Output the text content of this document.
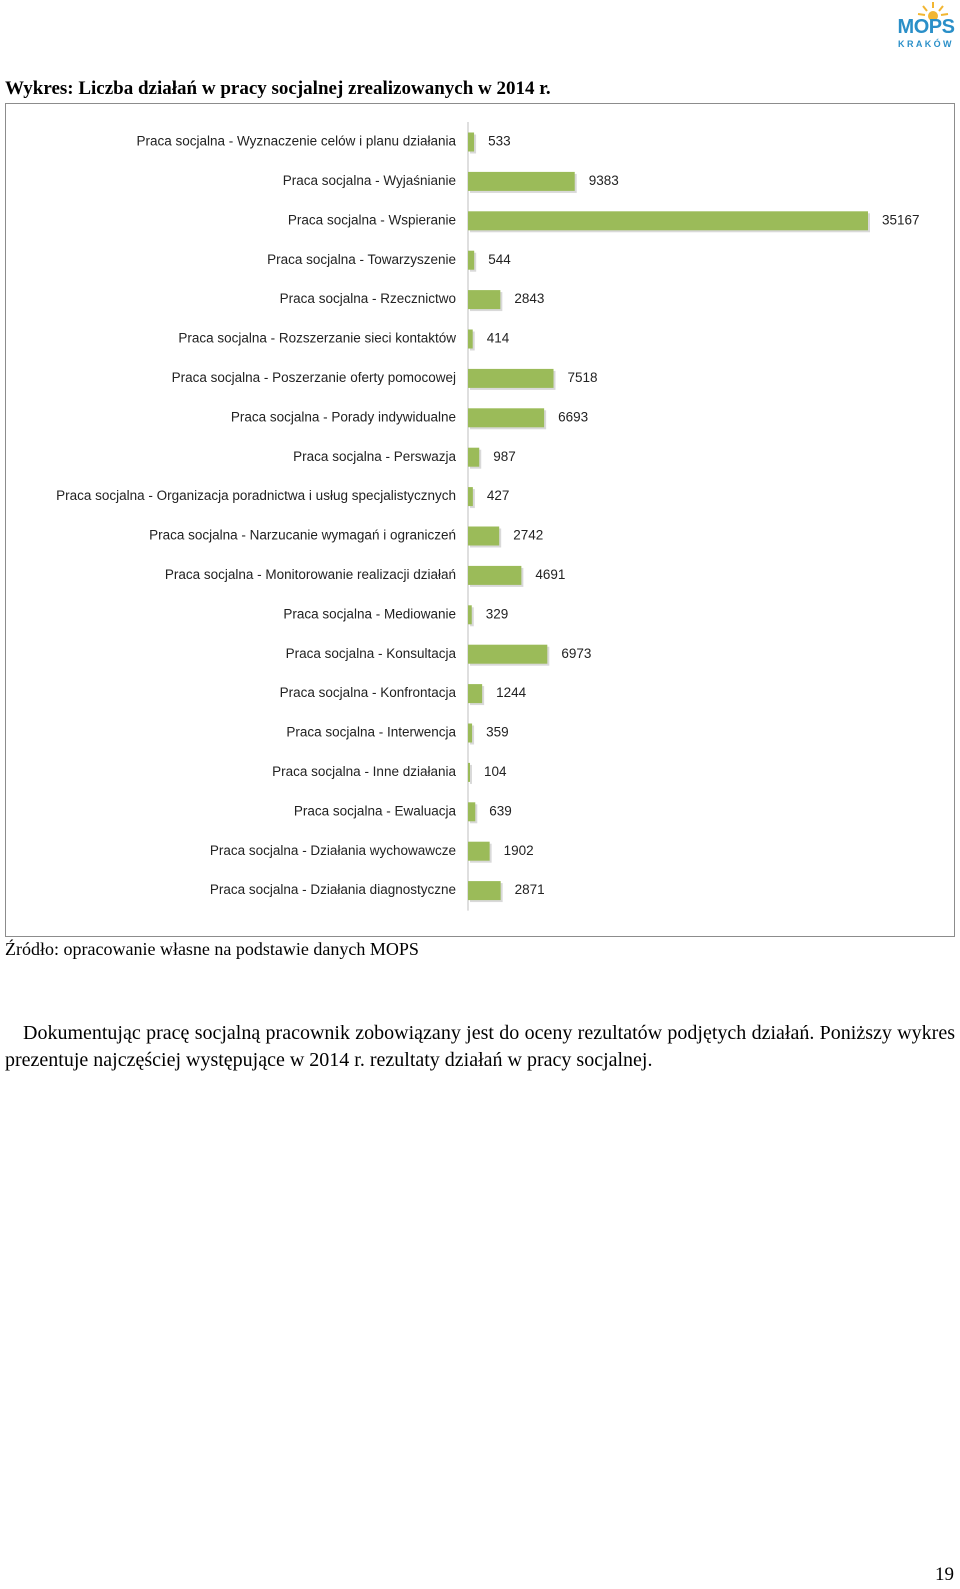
MOPS
KRAKÓW
Wykres: Liczba działań w pracy socjalnej zrealizowanych w 2014 r.
Praca socjalna - Wyznaczenie celów i planu działania 533
Praca socjalna - Wyjaśnianie	9383
Praca socjalna - Wspieranie	35167
Praca socjalna - Towarzyszenie 544
Praca socjalna - Rzecznictwo	2843
Praca socjalna - Rozszerzanie sieci kontaktów 414
Praca socjalna - Poszerzanie oferty pomocowej	7518
Praca socjalna - Porady indywidualne	6693
Praca socjalna - Perswazja	987
Praca socjalna - Organizacja poradnictwa i usług specjalistycznych 427
Praca socjalna - Narzucanie wymagań i ograniczeń	2742
Praca socjalna - Monitorowanie realizacji działań	4691
Praca socjalna - Mediowanie 329
Praca socjalna - Konsultacja	6973
Praca socjalna - Konfrontacja	1244
Praca socjalna - Interwencja 359
Praca socjalna - Inne działania 104
Praca socjalna - Ewaluacja 639
Praca socjalna - Działania wychowawcze	1902
Praca socjalna - Działania diagnostyczne	2871
Źródło: opracowanie własne na podstawie danych MOPS
Dokumentując pracę socjalną pracownik zobowiązany jest do oceny rezultatów podjętych działań. Poniższy wykres prezentuje najczęściej występujące w 2014 r. rezultaty działań w pracy socjalnej.
19
